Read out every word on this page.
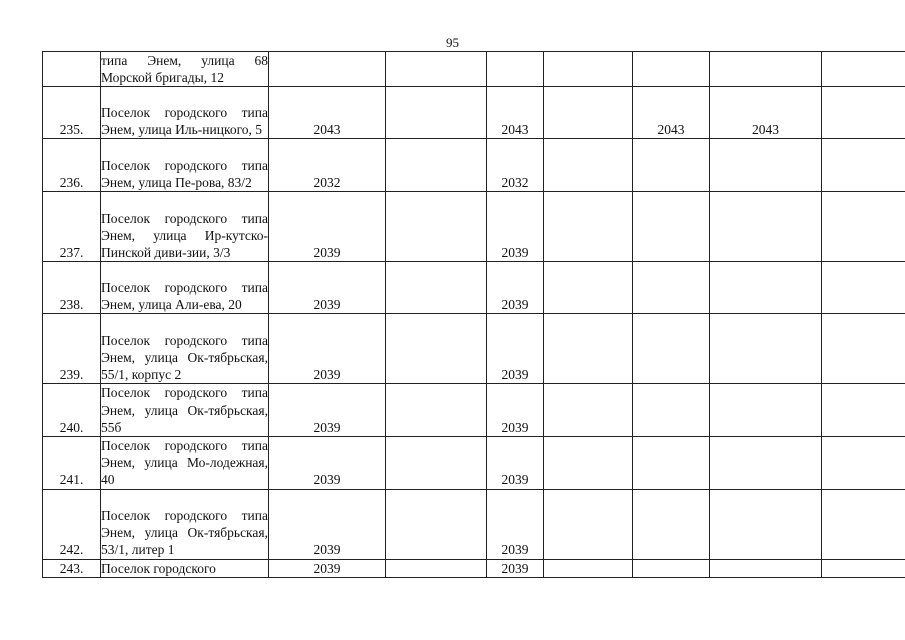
95
	типа Энем, улица 68 Морской бригады, 12							
235.	Поселок городского типа Энем, улица Иль-ницкого, 5	2043		2043		2043	2043	
236.	Поселок городского типа Энем, улица Пе-рова, 83/2	2032		2032				
237.	Поселок городского типа Энем, улица Ир-кутско-Пинской диви-зии, 3/3	2039		2039				
238.	Поселок городского типа Энем, улица Али-ева, 20	2039		2039				
239.	Поселок городского типа Энем, улица Ок-тябрьская, 55/1, корпус 2	2039		2039				
240.	Поселок городского типа Энем, улица Ок-тябрьская, 55б	2039		2039				
241.	Поселок городского типа Энем, улица Мо-лодежная, 40	2039		2039				
242.	Поселок городского типа Энем, улица Ок-тябрьская, 53/1, литер 1	2039		2039				
243.	Поселок городского	2039		2039				
